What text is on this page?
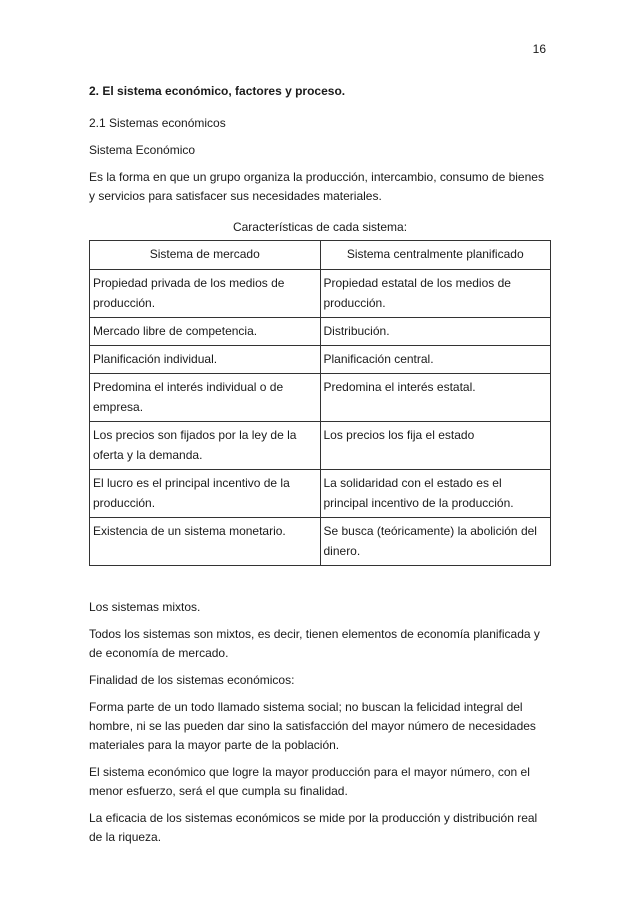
16
2. El sistema económico, factores y proceso.

2.1 Sistemas económicos

Sistema Económico

Es la forma en que un grupo organiza la producción, intercambio, consumo de bienes y servicios para satisfacer sus necesidades materiales.

Características de cada sistema:
Sistema de mercado	Sistema centralmente planificado
Propiedad privada de los medios de producción.	Propiedad estatal de los medios de producción.
Mercado libre de competencia.	Distribución.
Planificación individual.	Planificación central.
Predomina el interés individual o de empresa.	Predomina el interés estatal.
Los precios son fijados por la ley de la oferta y la demanda.	Los precios los fija el estado
El lucro es el principal incentivo de la producción.	La solidaridad con el estado es el principal incentivo de la producción.
Existencia de un sistema monetario.	Se busca (teóricamente) la abolición del dinero.

Los sistemas mixtos.

Todos los sistemas son mixtos, es decir, tienen elementos de economía planificada y de economía de mercado.

Finalidad de los sistemas económicos:

Forma parte de un todo llamado sistema social; no buscan la felicidad integral del hombre, ni se las pueden dar sino la satisfacción del mayor número de necesidades materiales para la mayor parte de la población.

El sistema económico que logre la mayor producción para el mayor número, con el menor esfuerzo, será el que cumpla su finalidad.

La eficacia de los sistemas económicos se mide por la producción y distribución real de la riqueza.
